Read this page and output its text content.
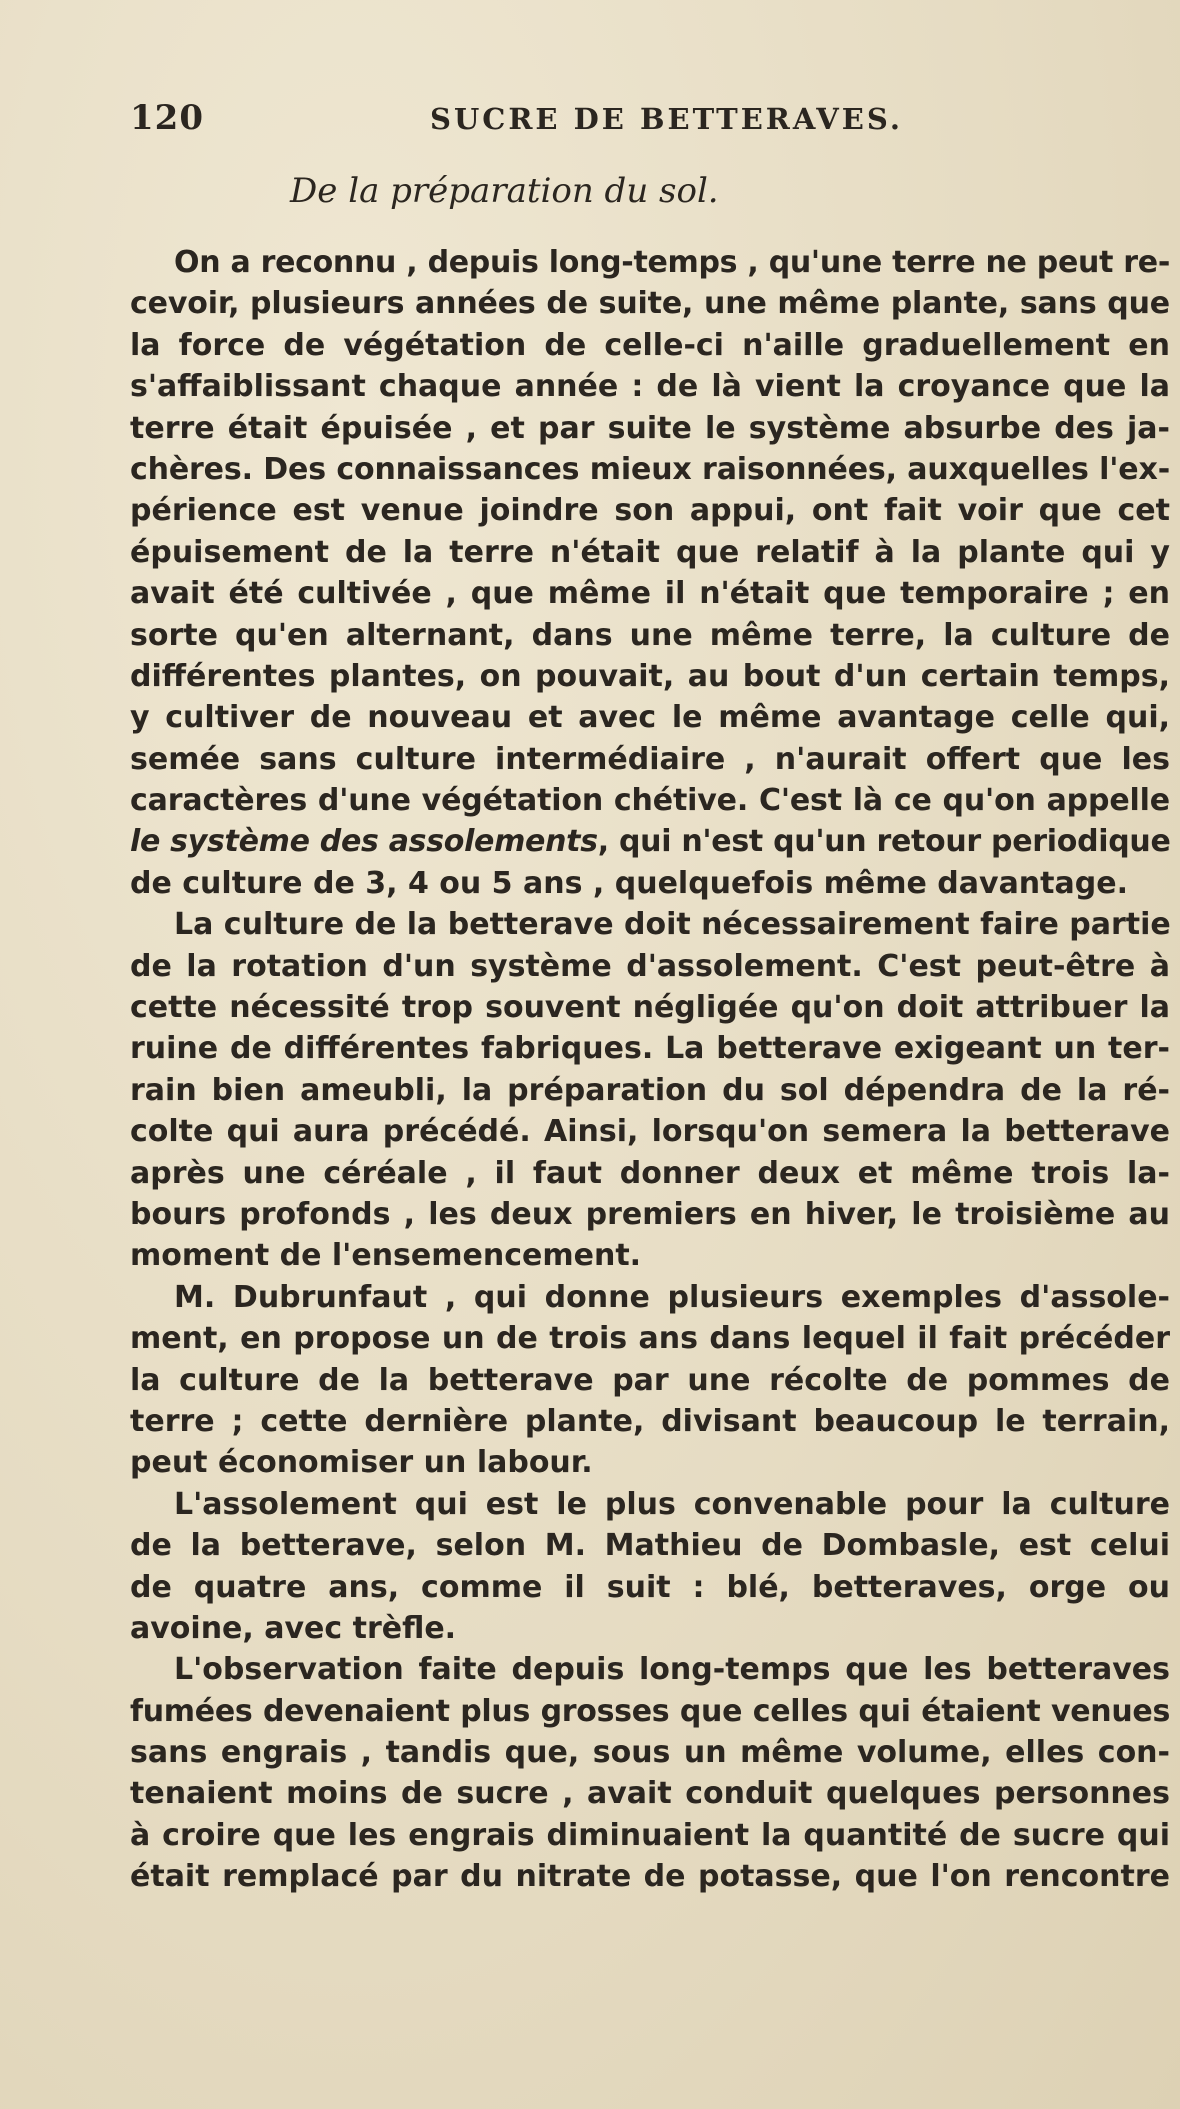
120	SUCRE DE BETTERAVES.
De la préparation du sol.

On a reconnu , depuis long-temps , qu'une terre ne peut re-
cevoir, plusieurs années de suite, une même plante, sans que
la force de végétation de celle-ci n'aille graduellement en
s'affaiblissant chaque année : de là vient la croyance que la
terre était épuisée , et par suite le système absurbe des ja-
chères. Des connaissances mieux raisonnées, auxquelles l'ex-
périence est venue joindre son appui, ont fait voir que cet
épuisement de la terre n'était que relatif à la plante qui y
avait été cultivée , que même il n'était que temporaire ; en
sorte qu'en alternant, dans une même terre, la culture de
différentes plantes, on pouvait, au bout d'un certain temps,
y cultiver de nouveau et avec le même avantage celle qui,
semée sans culture intermédiaire , n'aurait offert que les
caractères d'une végétation chétive. C'est là ce qu'on appelle
le système des assolements, qui n'est qu'un retour periodique
de culture de 3, 4 ou 5 ans , quelquefois même davantage.

La culture de la betterave doit nécessairement faire partie
de la rotation d'un système d'assolement. C'est peut-être à
cette nécessité trop souvent négligée qu'on doit attribuer la
ruine de différentes fabriques. La betterave exigeant un ter-
rain bien ameubli, la préparation du sol dépendra de la ré-
colte qui aura précédé. Ainsi, lorsqu'on semera la betterave
après une céréale , il faut donner deux et même trois la-
bours profonds , les deux premiers en hiver, le troisième au
moment de l'ensemencement.

M. Dubrunfaut , qui donne plusieurs exemples d'assole-
ment, en propose un de trois ans dans lequel il fait précéder
la culture de la betterave par une récolte de pommes de
terre ; cette dernière plante, divisant beaucoup le terrain,
peut économiser un labour.

L'assolement qui est le plus convenable pour la culture
de la betterave, selon M. Mathieu de Dombasle, est celui
de quatre ans, comme il suit : blé, betteraves, orge ou
avoine, avec trèfle.

L'observation faite depuis long-temps que les betteraves
fumées devenaient plus grosses que celles qui étaient venues
sans engrais , tandis que, sous un même volume, elles con-
tenaient moins de sucre , avait conduit quelques personnes
à croire que les engrais diminuaient la quantité de sucre qui
était remplacé par du nitrate de potasse, que l'on rencontre
